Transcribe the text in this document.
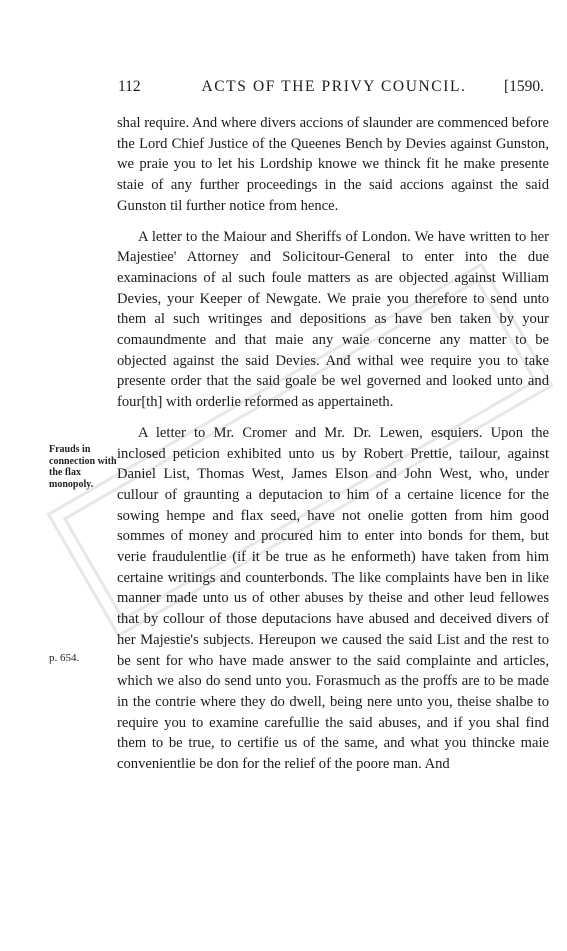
112	ACTS OF THE PRIVY COUNCIL.	[1590.
Frauds in connection with the flax monopoly.
p. 654.

shal require. And where divers accions of slaunder are commenced before the Lord Chief Justice of the Queenes Bench by Devies against Gunston, we praie you to let his Lordship knowe we thinck fit he make presente staie of any further proceedings in the said accions against the said Gunston til further notice from hence.

A letter to the Maiour and Sheriffs of London. We have written to her Majestiee' Attorney and Solicitour-General to enter into the due examinacions of al such foule matters as are objected against William Devies, your Keeper of Newgate. We praie you therefore to send unto them al such writinges and depositions as have ben taken by your comaundmente and that maie any waie concerne any matter to be objected against the said Devies. And withal wee require you to take presente order that the said goale be wel governed and looked unto and four[th] with orderlie reformed as appertaineth.

A letter to Mr. Cromer and Mr. Dr. Lewen, esquiers. Upon the inclosed peticion exhibited unto us by Robert Prettie, tailour, against Daniel List, Thomas West, James Elson and John West, who, under cullour of graunting a deputacion to him of a certaine licence for the sowing hempe and flax seed, have not onelie gotten from him good sommes of money and procured him to enter into bonds for them, but verie fraudulentlie (if it be true as he enformeth) have taken from him certaine writings and counterbonds. The like complaints have ben in like manner made unto us of other abuses by theise and other leud fellowes that by collour of those deputacions have abused and deceived divers of her Majestie's subjects. Hereupon we caused the said List and the rest to be sent for who have made answer to the said complainte and articles, which we also do send unto you. Forasmuch as the proffs are to be made in the contrie where they do dwell, being nere unto you, theise shalbe to require you to examine carefullie the said abuses, and if you shal find them to be true, to certifie us of the same, and what you thincke maie convenientlie be don for the relief of the poore man. And
